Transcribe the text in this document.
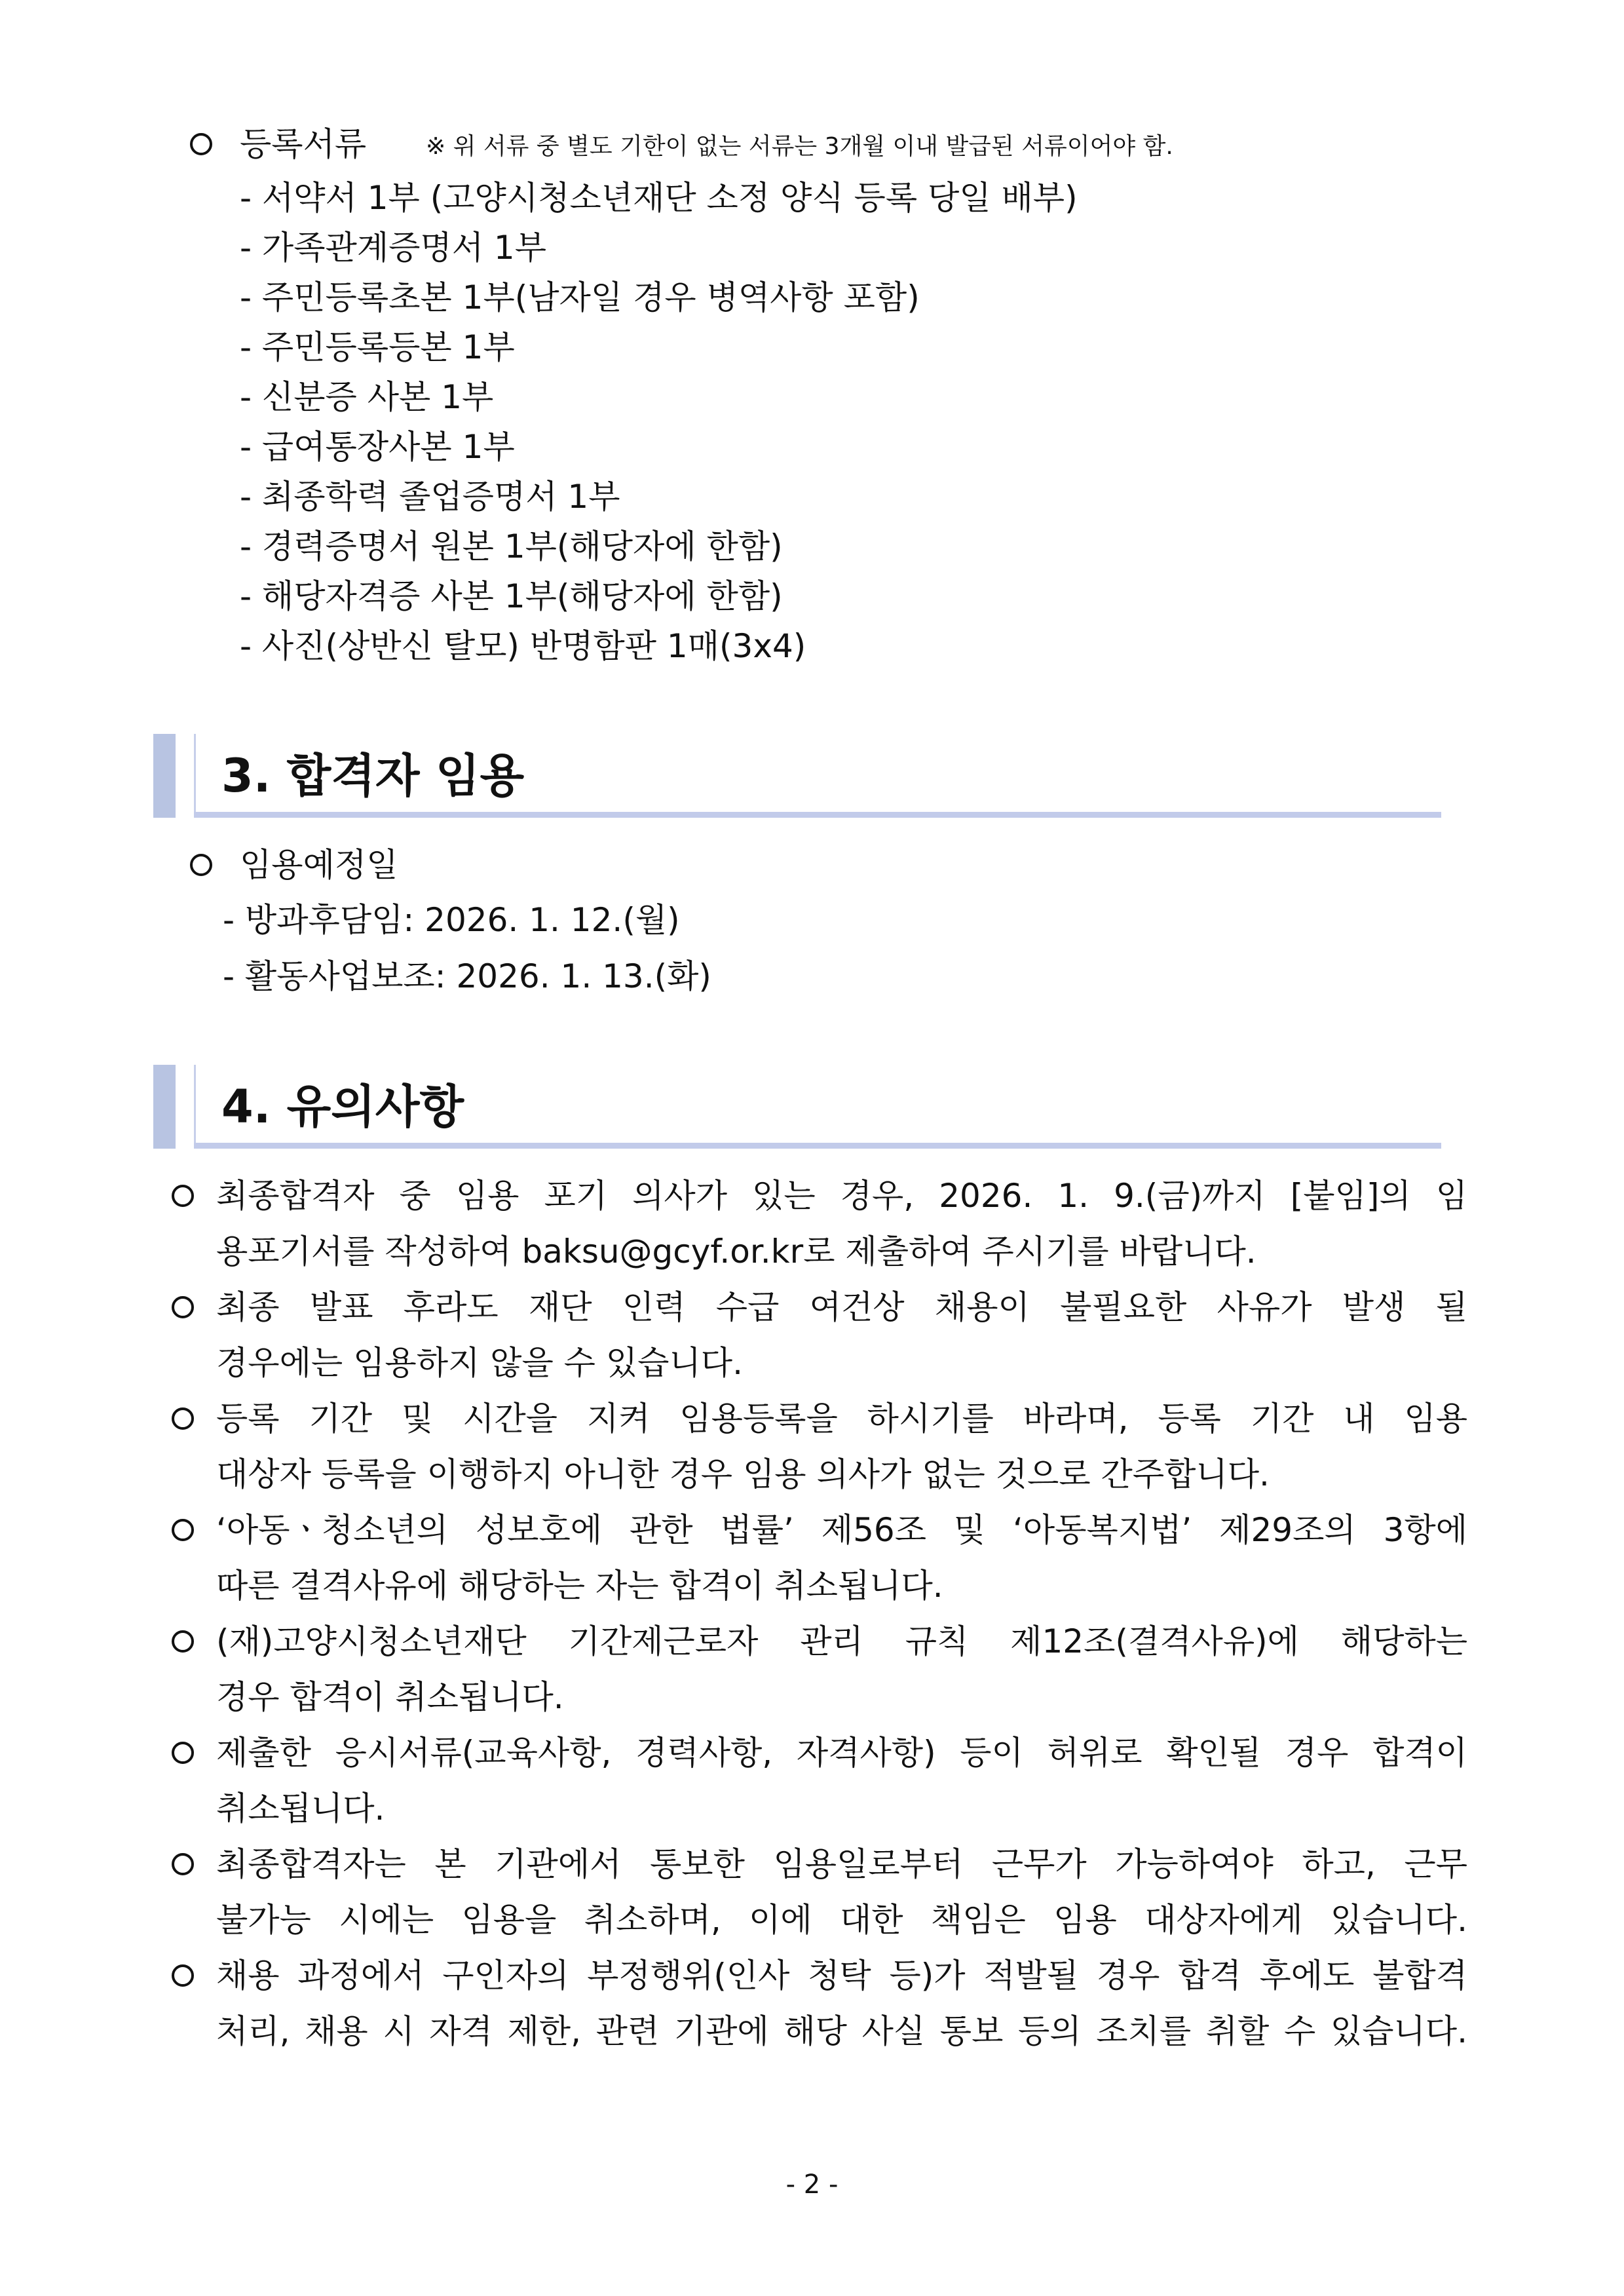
등록서류	※ 위 서류 중 별도 기한이 없는 서류는 3개월 이내 발급된 서류이어야 함.
- 서약서 1부 (고양시청소년재단 소정 양식 등록 당일 배부)
- 가족관계증명서 1부
- 주민등록초본 1부(남자일 경우 병역사항 포함)
- 주민등록등본 1부
- 신분증 사본 1부
- 급여통장사본 1부
- 최종학력 졸업증명서 1부
- 경력증명서 원본 1부(해당자에 한함)
- 해당자격증 사본 1부(해당자에 한함)
- 사진(상반신 탈모) 반명함판 1매(3x4)
3. 합격자 임용
임용예정일
- 방과후담임: 2026. 1. 12.(월)
- 활동사업보조: 2026. 1. 13.(화)
4. 유의사항
최종합격자 중 임용 포기 의사가 있는 경우, 2026. 1. 9.(금)까지 [붙임]의 임
용포기서를 작성하여 baksu@gcyf.or.kr로 제출하여 주시기를 바랍니다.
최종 발표 후라도 재단 인력 수급 여건상 채용이 불필요한 사유가 발생 될
경우에는 임용하지 않을 수 있습니다.
등록 기간 및 시간을 지켜 임용등록을 하시기를 바라며, 등록 기간 내 임용
대상자 등록을 이행하지 아니한 경우 임용 의사가 없는 것으로 간주합니다.
‘아동ㆍ청소년의 성보호에 관한 법률’ 제56조 및 ‘아동복지법’ 제29조의 3항에
따른 결격사유에 해당하는 자는 합격이 취소됩니다.
(재)고양시청소년재단 기간제근로자 관리 규칙 제12조(결격사유)에 해당하는
경우 합격이 취소됩니다.
제출한 응시서류(교육사항, 경력사항, 자격사항) 등이 허위로 확인될 경우 합격이
취소됩니다.
최종합격자는 본 기관에서 통보한 임용일로부터 근무가 가능하여야 하고, 근무
불가능 시에는 임용을 취소하며, 이에 대한 책임은 임용 대상자에게 있습니다.
채용 과정에서 구인자의 부정행위(인사 청탁 등)가 적발될 경우 합격 후에도 불합격
처리, 채용 시 자격 제한, 관련 기관에 해당 사실 통보 등의 조치를 취할 수 있습니다.
- 2 -
